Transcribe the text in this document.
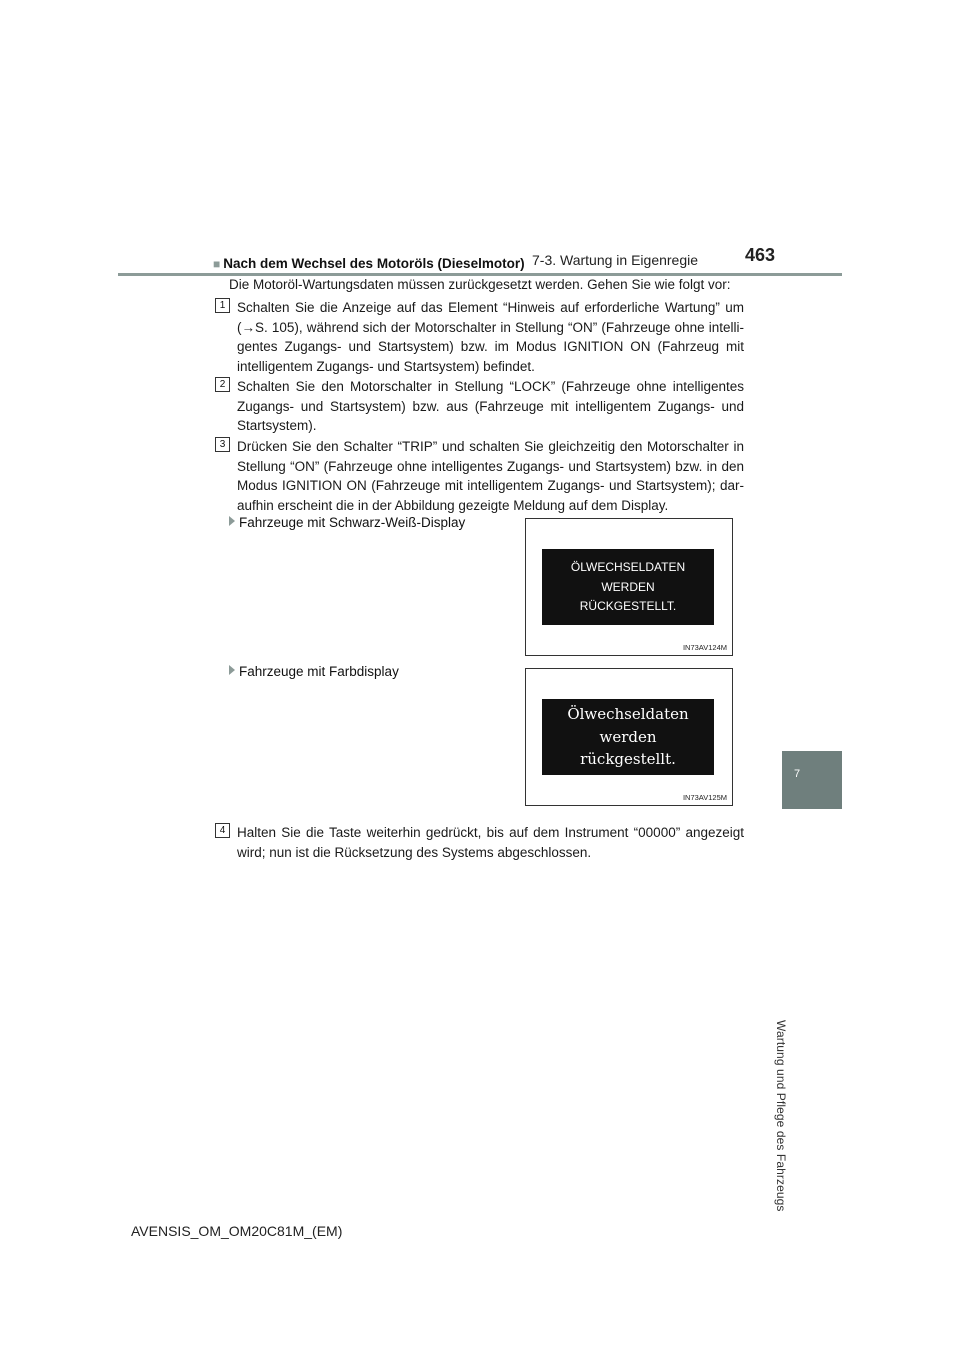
7-3. Wartung in Eigenregie	463
7
Wartung und Pflege des Fahrzeugs
■ Nach dem Wechsel des Motoröls (Dieselmotor)
Die Motoröl-Wartungsdaten müssen zurückgesetzt werden. Gehen Sie wie folgt vor:
1 Schalten Sie die Anzeige auf das Element “Hinweis auf erforderliche Wartung” um (→S. 105), während sich der Motorschalter in Stellung “ON” (Fahrzeuge ohne intelli-gentes Zugangs- und Startsystem) bzw. im Modus IGNITION ON (Fahrzeug mit intelligentem Zugangs- und Startsystem) befindet.
2 Schalten Sie den Motorschalter in Stellung “LOCK” (Fahrzeuge ohne intelligentes Zugangs- und Startsystem) bzw. aus (Fahrzeuge mit intelligentem Zugangs- und Startsystem).
3 Drücken Sie den Schalter “TRIP” und schalten Sie gleichzeitig den Motorschalter in Stellung “ON” (Fahrzeuge ohne intelligentes Zugangs- und Startsystem) bzw. in den Modus IGNITION ON (Fahrzeuge mit intelligentem Zugangs- und Startsystem); dar-aufhin erscheint die in der Abbildung gezeigte Meldung auf dem Display.
Fahrzeuge mit Schwarz-Weiß-Display
ÖLWECHSELDATEN
WERDEN
RÜCKGESTELLT.
IN73AV124M
Fahrzeuge mit Farbdisplay
Ölwechseldaten
werden
rückgestellt.
IN73AV125M
4 Halten Sie die Taste weiterhin gedrückt, bis auf dem Instrument “00000” angezeigt wird; nun ist die Rücksetzung des Systems abgeschlossen.
AVENSIS_OM_OM20C81M_(EM)
